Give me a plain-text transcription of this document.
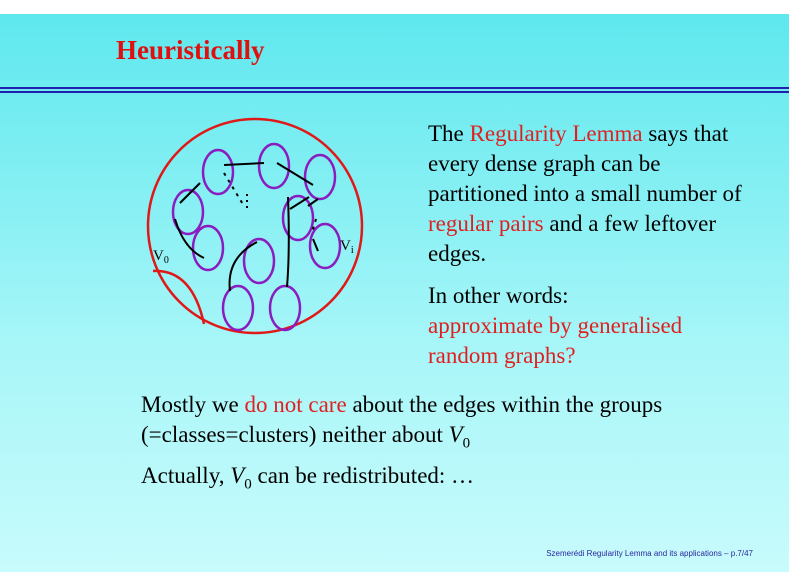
Heuristically
$V_0$
$V_i$

The Regularity Lemma says that every dense graph can be partitioned into a small number of regular pairs and a few leftover edges.

In other words:
approximate by generalised random graphs?

Mostly we do not care about the edges within the groups (=classes=clusters) neither about $V_0$

Actually, $V_0$ can be redistributed: …

Szemerédi Regularity Lemma and its applications – p.7/47
